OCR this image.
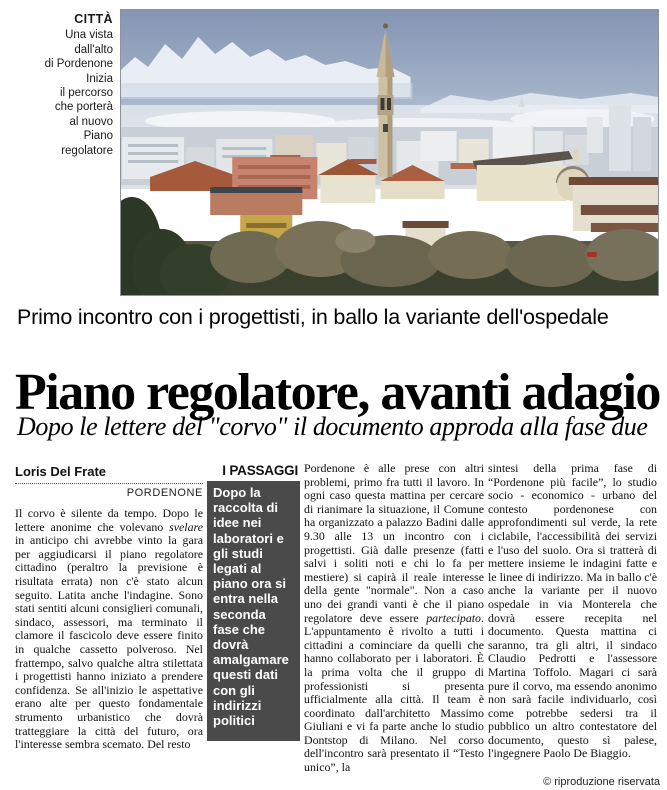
CITTÀ
Una vista
dall'alto
di Pordenone
Inizia
il percorso
che porterà
al nuovo
Piano
regolatore
Primo incontro con i progettisti, in ballo la variante dell'ospedale
Piano regolatore, avanti adagio
Dopo le lettere del "corvo" il documento approda alla fase due
Loris Del Frate
PORDENONE
Il corvo è silente da tempo. Dopo le lettere anonime che volevano svelare in anticipo chi avrebbe vinto la gara per aggiudicarsi il piano regolatore cittadino (peraltro la previsione è risultata errata) non c'è stato alcun seguito. Latita anche l'indagine. Sono stati sentiti alcuni consiglieri comunali, sindaco, assessori, ma terminato il clamore il fascicolo deve essere finito in qualche cassetto polveroso. Nel frattempo, salvo qualche altra stilettata i progettisti hanno iniziato a prendere confidenza. Se all'inizio le aspettative erano alte per questo fondamentale strumento urbanistico che dovrà tratteggiare la città del futuro, ora l'interesse sembra scemato. Del resto
I PASSAGGI
Dopo la raccolta di idee nei laboratori e gli studi legati al piano ora si entra nella seconda fase che dovrà amalgamare questi dati con gli indirizzi politici
Pordenone è alle prese con altri problemi, primo fra tutti il lavoro. In ogni caso questa mattina per cercare di rianimare la situazione, il Comune ha organizzato a palazzo Badini dalle 9.30 alle 13 un incontro con i progettisti. Già dalle presenze (fatti salvi i soliti noti e chi lo fa per mestiere) si capirà il reale interesse della gente "normale". Non a caso uno dei grandi vanti è che il piano regolatore deve essere partecipato. L'appuntamento è rivolto a tutti i cittadini a cominciare da quelli che hanno collaborato per i laboratori. È la prima volta che il gruppo di professionisti si presenta ufficialmente alla città. Il team è coordinato dall'architetto Massimo Giuliani e vi fa parte anche lo studio Dontstop di Milano. Nel corso dell'incontro sarà presentato il “Testo unico”, la
sintesi della prima fase di “Pordenone più facile”, lo studio socio - economico - urbano del contesto pordenonese con approfondimenti sul verde, la rete ciclabile, l'accessibilità dei servizi e l'uso del suolo. Ora si tratterà di mettere insieme le indagini fatte e le linee di indirizzo. Ma in ballo c'è anche la variante per il nuovo ospedale in via Monterela che dovrà essere recepita nel documento. Questa mattina ci saranno, tra gli altri, il sindaco Claudio Pedrotti e l'assessore Martina Toffolo. Magari ci sarà pure il corvo, ma essendo anonimo non sarà facile individuarlo, così come potrebbe sedersi tra il pubblico un altro contestatore del documento, questo sì palese, l'ingegnere Paolo De Biaggio.
© riproduzione riservata
